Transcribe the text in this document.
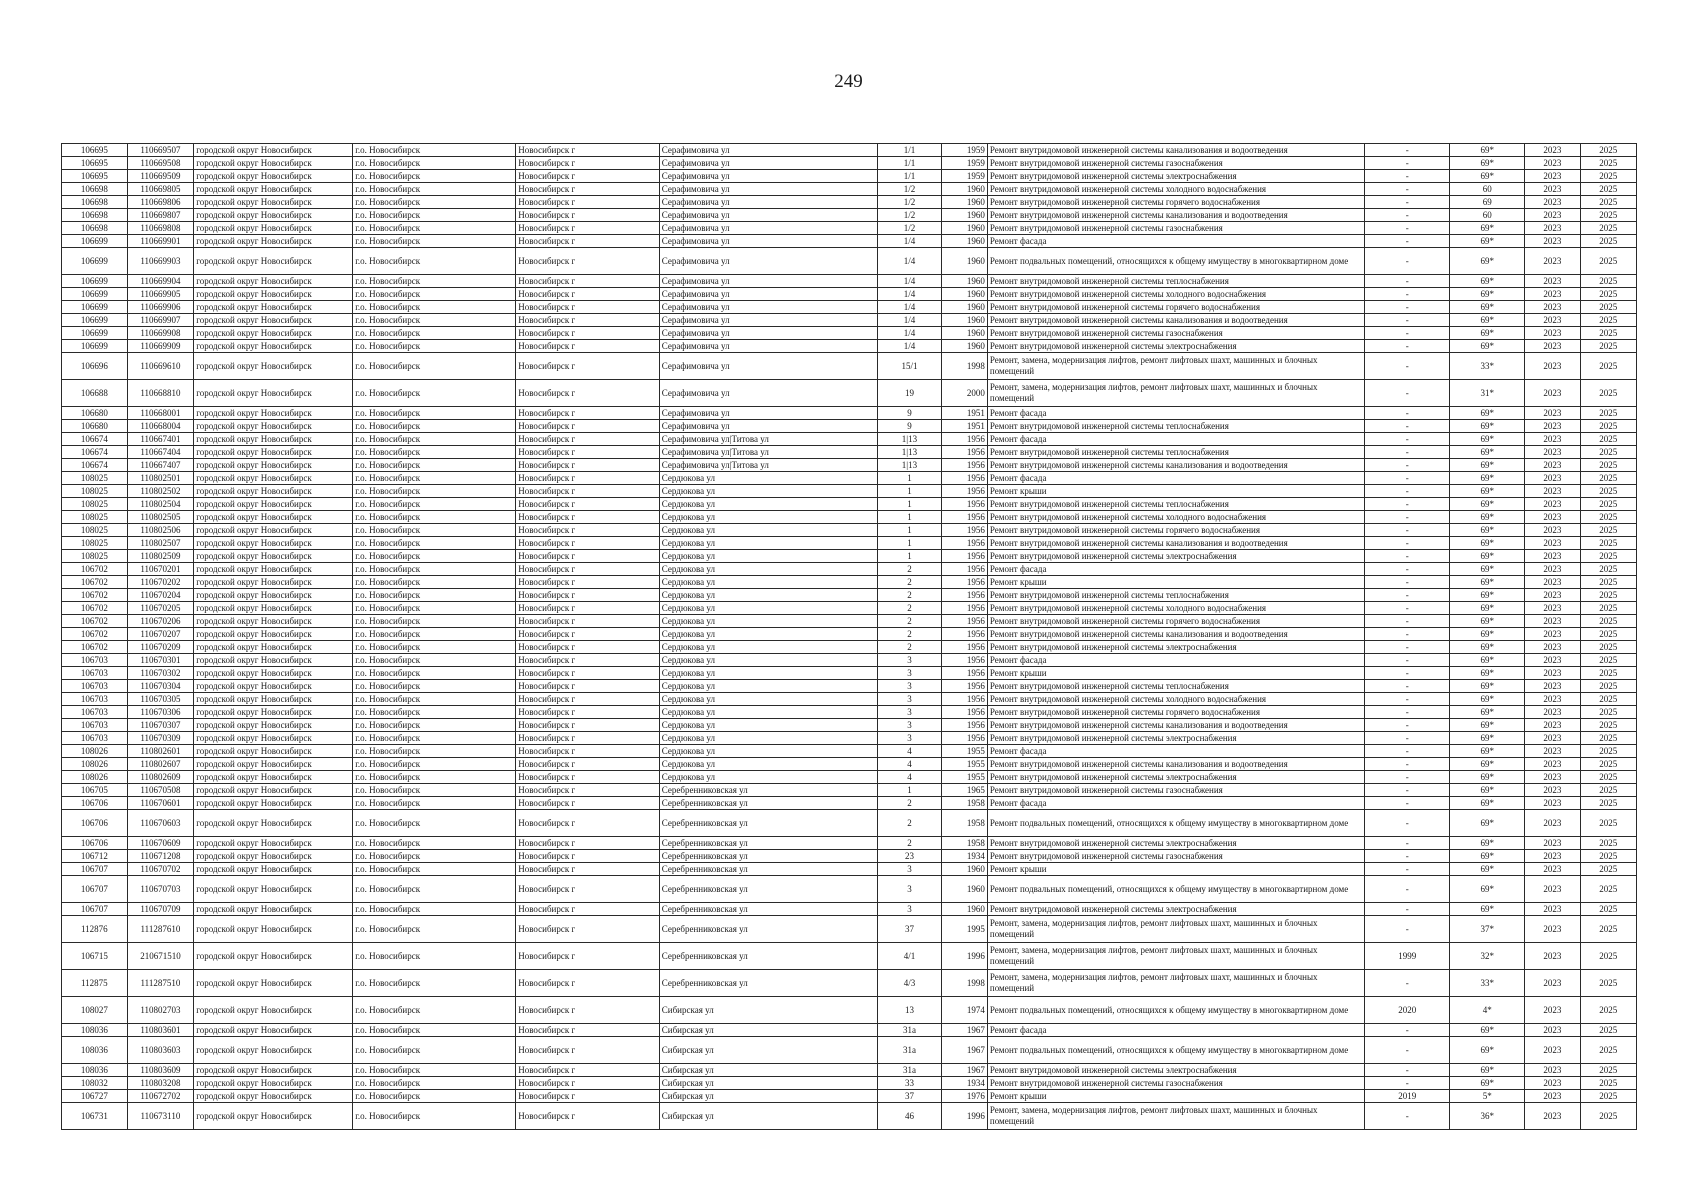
249
106695	110669507	городской округ Новосибирск	г.о. Новосибирск	Новосибирск г	Серафимовича ул	1/1	1959	Ремонт внутридомовой инженерной системы канализования и водоотведения	-	69*	2023	2025
106695	110669508	городской округ Новосибирск	г.о. Новосибирск	Новосибирск г	Серафимовича ул	1/1	1959	Ремонт внутридомовой инженерной системы газоснабжения	-	69*	2023	2025
106695	110669509	городской округ Новосибирск	г.о. Новосибирск	Новосибирск г	Серафимовича ул	1/1	1959	Ремонт внутридомовой инженерной системы электроснабжения	-	69*	2023	2025
106698	110669805	городской округ Новосибирск	г.о. Новосибирск	Новосибирск г	Серафимовича ул	1/2	1960	Ремонт внутридомовой инженерной системы холодного водоснабжения	-	60	2023	2025
106698	110669806	городской округ Новосибирск	г.о. Новосибирск	Новосибирск г	Серафимовича ул	1/2	1960	Ремонт внутридомовой инженерной системы горячего водоснабжения	-	69	2023	2025
106698	110669807	городской округ Новосибирск	г.о. Новосибирск	Новосибирск г	Серафимовича ул	1/2	1960	Ремонт внутридомовой инженерной системы канализования и водоотведения	-	60	2023	2025
106698	110669808	городской округ Новосибирск	г.о. Новосибирск	Новосибирск г	Серафимовича ул	1/2	1960	Ремонт внутридомовой инженерной системы газоснабжения	-	69*	2023	2025
106699	110669901	городской округ Новосибирск	г.о. Новосибирск	Новосибирск г	Серафимовича ул	1/4	1960	Ремонт фасада	-	69*	2023	2025
106699	110669903	городской округ Новосибирск	г.о. Новосибирск	Новосибирск г	Серафимовича ул	1/4	1960	Ремонт подвальных помещений, относящихся к общему имуществу в многоквартирном доме	-	69*	2023	2025
106699	110669904	городской округ Новосибирск	г.о. Новосибирск	Новосибирск г	Серафимовича ул	1/4	1960	Ремонт внутридомовой инженерной системы теплоснабжения	-	69*	2023	2025
106699	110669905	городской округ Новосибирск	г.о. Новосибирск	Новосибирск г	Серафимовича ул	1/4	1960	Ремонт внутридомовой инженерной системы холодного водоснабжения	-	69*	2023	2025
106699	110669906	городской округ Новосибирск	г.о. Новосибирск	Новосибирск г	Серафимовича ул	1/4	1960	Ремонт внутридомовой инженерной системы горячего водоснабжения	-	69*	2023	2025
106699	110669907	городской округ Новосибирск	г.о. Новосибирск	Новосибирск г	Серафимовича ул	1/4	1960	Ремонт внутридомовой инженерной системы канализования и водоотведения	-	69*	2023	2025
106699	110669908	городской округ Новосибирск	г.о. Новосибирск	Новосибирск г	Серафимовича ул	1/4	1960	Ремонт внутридомовой инженерной системы газоснабжения	-	69*	2023	2025
106699	110669909	городской округ Новосибирск	г.о. Новосибирск	Новосибирск г	Серафимовича ул	1/4	1960	Ремонт внутридомовой инженерной системы электроснабжения	-	69*	2023	2025
106696	110669610	городской округ Новосибирск	г.о. Новосибирск	Новосибирск г	Серафимовича ул	15/1	1998	Ремонт, замена, модернизация лифтов, ремонт лифтовых шахт, машинных и блочных помещений	-	33*	2023	2025
106688	110668810	городской округ Новосибирск	г.о. Новосибирск	Новосибирск г	Серафимовича ул	19	2000	Ремонт, замена, модернизация лифтов, ремонт лифтовых шахт, машинных и блочных помещений	-	31*	2023	2025
106680	110668001	городской округ Новосибирск	г.о. Новосибирск	Новосибирск г	Серафимовича ул	9	1951	Ремонт фасада	-	69*	2023	2025
106680	110668004	городской округ Новосибирск	г.о. Новосибирск	Новосибирск г	Серафимовича ул	9	1951	Ремонт внутридомовой инженерной системы теплоснабжения	-	69*	2023	2025
106674	110667401	городской округ Новосибирск	г.о. Новосибирск	Новосибирск г	Серафимовича ул|Титова ул	1|13	1956	Ремонт фасада	-	69*	2023	2025
106674	110667404	городской округ Новосибирск	г.о. Новосибирск	Новосибирск г	Серафимовича ул|Титова ул	1|13	1956	Ремонт внутридомовой инженерной системы теплоснабжения	-	69*	2023	2025
106674	110667407	городской округ Новосибирск	г.о. Новосибирск	Новосибирск г	Серафимовича ул|Титова ул	1|13	1956	Ремонт внутридомовой инженерной системы канализования и водоотведения	-	69*	2023	2025
108025	110802501	городской округ Новосибирск	г.о. Новосибирск	Новосибирск г	Сердюкова ул	1	1956	Ремонт фасада	-	69*	2023	2025
108025	110802502	городской округ Новосибирск	г.о. Новосибирск	Новосибирск г	Сердюкова ул	1	1956	Ремонт крыши	-	69*	2023	2025
108025	110802504	городской округ Новосибирск	г.о. Новосибирск	Новосибирск г	Сердюкова ул	1	1956	Ремонт внутридомовой инженерной системы теплоснабжения	-	69*	2023	2025
108025	110802505	городской округ Новосибирск	г.о. Новосибирск	Новосибирск г	Сердюкова ул	1	1956	Ремонт внутридомовой инженерной системы холодного водоснабжения	-	69*	2023	2025
108025	110802506	городской округ Новосибирск	г.о. Новосибирск	Новосибирск г	Сердюкова ул	1	1956	Ремонт внутридомовой инженерной системы горячего водоснабжения	-	69*	2023	2025
108025	110802507	городской округ Новосибирск	г.о. Новосибирск	Новосибирск г	Сердюкова ул	1	1956	Ремонт внутридомовой инженерной системы канализования и водоотведения	-	69*	2023	2025
108025	110802509	городской округ Новосибирск	г.о. Новосибирск	Новосибирск г	Сердюкова ул	1	1956	Ремонт внутридомовой инженерной системы электроснабжения	-	69*	2023	2025
106702	110670201	городской округ Новосибирск	г.о. Новосибирск	Новосибирск г	Сердюкова ул	2	1956	Ремонт фасада	-	69*	2023	2025
106702	110670202	городской округ Новосибирск	г.о. Новосибирск	Новосибирск г	Сердюкова ул	2	1956	Ремонт крыши	-	69*	2023	2025
106702	110670204	городской округ Новосибирск	г.о. Новосибирск	Новосибирск г	Сердюкова ул	2	1956	Ремонт внутридомовой инженерной системы теплоснабжения	-	69*	2023	2025
106702	110670205	городской округ Новосибирск	г.о. Новосибирск	Новосибирск г	Сердюкова ул	2	1956	Ремонт внутридомовой инженерной системы холодного водоснабжения	-	69*	2023	2025
106702	110670206	городской округ Новосибирск	г.о. Новосибирск	Новосибирск г	Сердюкова ул	2	1956	Ремонт внутридомовой инженерной системы горячего водоснабжения	-	69*	2023	2025
106702	110670207	городской округ Новосибирск	г.о. Новосибирск	Новосибирск г	Сердюкова ул	2	1956	Ремонт внутридомовой инженерной системы канализования и водоотведения	-	69*	2023	2025
106702	110670209	городской округ Новосибирск	г.о. Новосибирск	Новосибирск г	Сердюкова ул	2	1956	Ремонт внутридомовой инженерной системы электроснабжения	-	69*	2023	2025
106703	110670301	городской округ Новосибирск	г.о. Новосибирск	Новосибирск г	Сердюкова ул	3	1956	Ремонт фасада	-	69*	2023	2025
106703	110670302	городской округ Новосибирск	г.о. Новосибирск	Новосибирск г	Сердюкова ул	3	1956	Ремонт крыши	-	69*	2023	2025
106703	110670304	городской округ Новосибирск	г.о. Новосибирск	Новосибирск г	Сердюкова ул	3	1956	Ремонт внутридомовой инженерной системы теплоснабжения	-	69*	2023	2025
106703	110670305	городской округ Новосибирск	г.о. Новосибирск	Новосибирск г	Сердюкова ул	3	1956	Ремонт внутридомовой инженерной системы холодного водоснабжения	-	69*	2023	2025
106703	110670306	городской округ Новосибирск	г.о. Новосибирск	Новосибирск г	Сердюкова ул	3	1956	Ремонт внутридомовой инженерной системы горячего водоснабжения	-	69*	2023	2025
106703	110670307	городской округ Новосибирск	г.о. Новосибирск	Новосибирск г	Сердюкова ул	3	1956	Ремонт внутридомовой инженерной системы канализования и водоотведения	-	69*	2023	2025
106703	110670309	городской округ Новосибирск	г.о. Новосибирск	Новосибирск г	Сердюкова ул	3	1956	Ремонт внутридомовой инженерной системы электроснабжения	-	69*	2023	2025
108026	110802601	городской округ Новосибирск	г.о. Новосибирск	Новосибирск г	Сердюкова ул	4	1955	Ремонт фасада	-	69*	2023	2025
108026	110802607	городской округ Новосибирск	г.о. Новосибирск	Новосибирск г	Сердюкова ул	4	1955	Ремонт внутридомовой инженерной системы канализования и водоотведения	-	69*	2023	2025
108026	110802609	городской округ Новосибирск	г.о. Новосибирск	Новосибирск г	Сердюкова ул	4	1955	Ремонт внутридомовой инженерной системы электроснабжения	-	69*	2023	2025
106705	110670508	городской округ Новосибирск	г.о. Новосибирск	Новосибирск г	Серебренниковская ул	1	1965	Ремонт внутридомовой инженерной системы газоснабжения	-	69*	2023	2025
106706	110670601	городской округ Новосибирск	г.о. Новосибирск	Новосибирск г	Серебренниковская ул	2	1958	Ремонт фасада	-	69*	2023	2025
106706	110670603	городской округ Новосибирск	г.о. Новосибирск	Новосибирск г	Серебренниковская ул	2	1958	Ремонт подвальных помещений, относящихся к общему имуществу в многоквартирном доме	-	69*	2023	2025
106706	110670609	городской округ Новосибирск	г.о. Новосибирск	Новосибирск г	Серебренниковская ул	2	1958	Ремонт внутридомовой инженерной системы электроснабжения	-	69*	2023	2025
106712	110671208	городской округ Новосибирск	г.о. Новосибирск	Новосибирск г	Серебренниковская ул	23	1934	Ремонт внутридомовой инженерной системы газоснабжения	-	69*	2023	2025
106707	110670702	городской округ Новосибирск	г.о. Новосибирск	Новосибирск г	Серебренниковская ул	3	1960	Ремонт крыши	-	69*	2023	2025
106707	110670703	городской округ Новосибирск	г.о. Новосибирск	Новосибирск г	Серебренниковская ул	3	1960	Ремонт подвальных помещений, относящихся к общему имуществу в многоквартирном доме	-	69*	2023	2025
106707	110670709	городской округ Новосибирск	г.о. Новосибирск	Новосибирск г	Серебренниковская ул	3	1960	Ремонт внутридомовой инженерной системы электроснабжения	-	69*	2023	2025
112876	111287610	городской округ Новосибирск	г.о. Новосибирск	Новосибирск г	Серебренниковская ул	37	1995	Ремонт, замена, модернизация лифтов, ремонт лифтовых шахт, машинных и блочных помещений	-	37*	2023	2025
106715	210671510	городской округ Новосибирск	г.о. Новосибирск	Новосибирск г	Серебренниковская ул	4/1	1996	Ремонт, замена, модернизация лифтов, ремонт лифтовых шахт, машинных и блочных помещений	1999	32*	2023	2025
112875	111287510	городской округ Новосибирск	г.о. Новосибирск	Новосибирск г	Серебренниковская ул	4/3	1998	Ремонт, замена, модернизация лифтов, ремонт лифтовых шахт, машинных и блочных помещений	-	33*	2023	2025
108027	110802703	городской округ Новосибирск	г.о. Новосибирск	Новосибирск г	Сибирская ул	13	1974	Ремонт подвальных помещений, относящихся к общему имуществу в многоквартирном доме	2020	4*	2023	2025
108036	110803601	городской округ Новосибирск	г.о. Новосибирск	Новосибирск г	Сибирская ул	31а	1967	Ремонт фасада	-	69*	2023	2025
108036	110803603	городской округ Новосибирск	г.о. Новосибирск	Новосибирск г	Сибирская ул	31а	1967	Ремонт подвальных помещений, относящихся к общему имуществу в многоквартирном доме	-	69*	2023	2025
108036	110803609	городской округ Новосибирск	г.о. Новосибирск	Новосибирск г	Сибирская ул	31а	1967	Ремонт внутридомовой инженерной системы электроснабжения	-	69*	2023	2025
108032	110803208	городской округ Новосибирск	г.о. Новосибирск	Новосибирск г	Сибирская ул	33	1934	Ремонт внутридомовой инженерной системы газоснабжения	-	69*	2023	2025
106727	110672702	городской округ Новосибирск	г.о. Новосибирск	Новосибирск г	Сибирская ул	37	1976	Ремонт крыши	2019	5*	2023	2025
106731	110673110	городской округ Новосибирск	г.о. Новосибирск	Новосибирск г	Сибирская ул	46	1996	Ремонт, замена, модернизация лифтов, ремонт лифтовых шахт, машинных и блочных помещений	-	36*	2023	2025
